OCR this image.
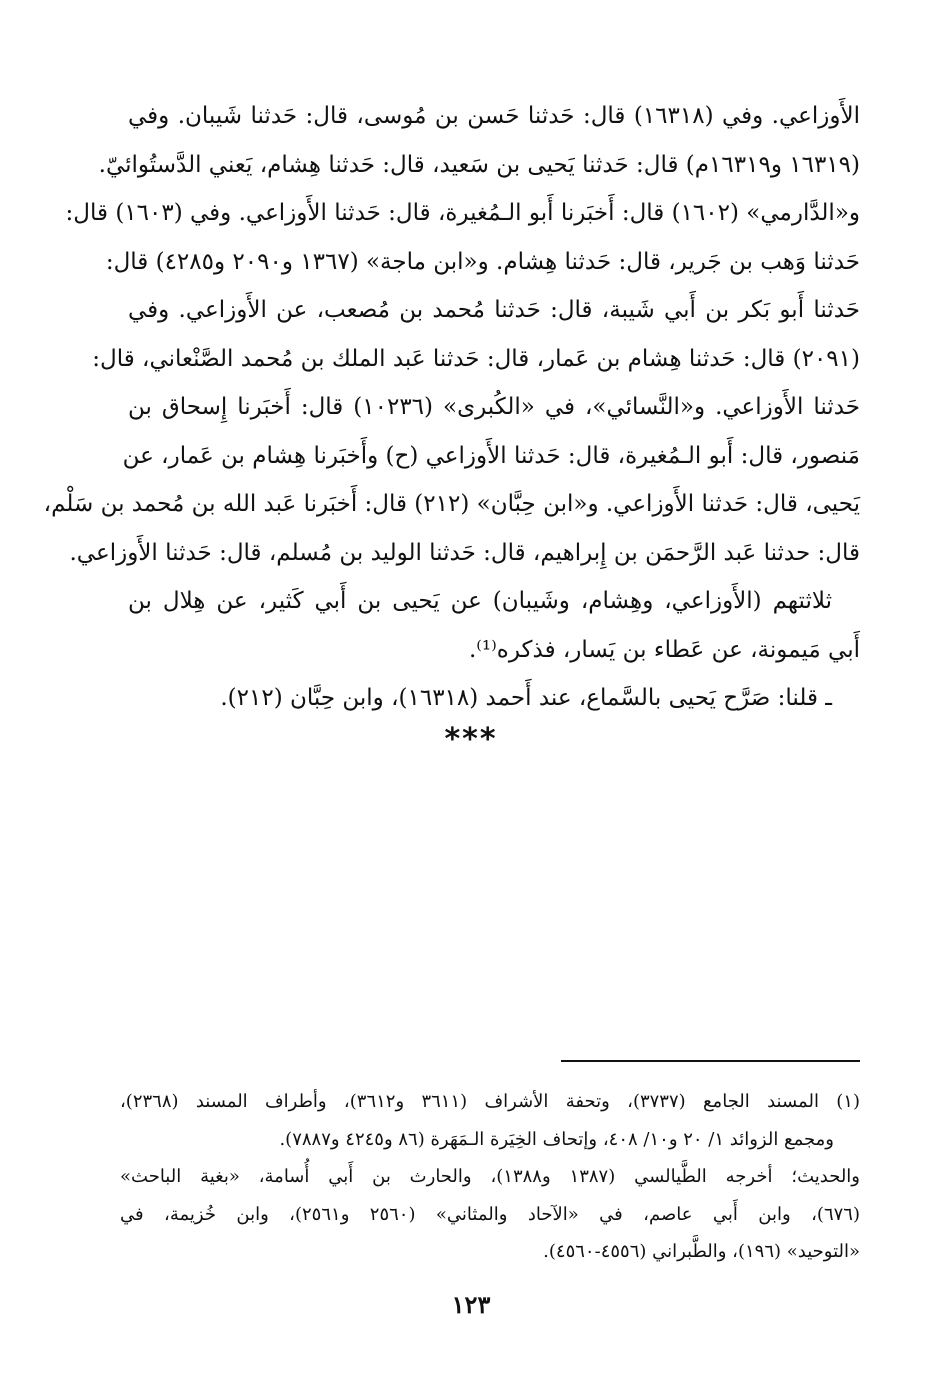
الأَوزاعي. وفي (١٦٣١٨) قال: حَدثنا حَسن بن مُوسى، قال: حَدثنا شَيبان. وفي
(١٦٣١٩ و١٦٣١٩م) قال: حَدثنا يَحيى بن سَعيد، قال: حَدثنا هِشام، يَعني الدَّستُوائيّ.
و«الدَّارمي» (١٦٠٢) قال: أَخبَرنا أَبو الـمُغيرة، قال: حَدثنا الأَوزاعي. وفي (١٦٠٣) قال:
حَدثنا وَهب بن جَرير، قال: حَدثنا هِشام. و«ابن ماجة» (١٣٦٧ و٢٠٩٠ و٤٢٨٥) قال:
حَدثنا أَبو بَكر بن أَبي شَيبة، قال: حَدثنا مُحمد بن مُصعب، عن الأَوزاعي. وفي
(٢٠٩١) قال: حَدثنا هِشام بن عَمار، قال: حَدثنا عَبد الملك بن مُحمد الصَّنْعاني، قال:
حَدثنا الأَوزاعي. و«النَّسائي»، في «الكُبرى» (١٠٢٣٦) قال: أَخبَرنا إِسحاق بن
مَنصور، قال: أَبو الـمُغيرة، قال: حَدثنا الأَوزاعي (ح) وأَخبَرنا هِشام بن عَمار، عن
يَحيى، قال: حَدثنا الأَوزاعي. و«ابن حِبَّان» (٢١٢) قال: أَخبَرنا عَبد الله بن مُحمد بن سَلْم،
قال: حدثنا عَبد الرَّحمَن بن إِبراهيم، قال: حَدثنا الوليد بن مُسلم، قال: حَدثنا الأَوزاعي.

ثلاثتهم (الأَوزاعي، وهِشام، وشَيبان) عن يَحيى بن أَبي كَثير، عن هِلال بن
أَبي مَيمونة، عن عَطاء بن يَسار، فذكره⁽¹⁾.

ـ قلنا: صَرَّح يَحيى بالسَّماع، عند أَحمد (١٦٣١٨)، وابن حِبَّان (٢١٢).

***
(١) المسند الجامع (٣٧٣٧)، وتحفة الأشراف (٣٦١١ و٣٦١٢)، وأطراف المسند (٢٣٦٨)،
ومجمع الزوائد ١/ ٢٠ و١٠/ ٤٠٨، وإتحاف الخِيَرة الـمَهَرة (٨٦ و٤٢٤٥ و٧٨٨٧).
والحديث؛ أخرجه الطَّيالسي (١٣٨٧ و١٣٨٨)، والحارث بن أَبي أُسامة، «بغية الباحث»
(٦٧٦)، وابن أَبي عاصم، في «الآحاد والمثاني» (٢٥٦٠ و٢٥٦١)، وابن خُزيمة، في
«التوحيد» (١٩٦)، والطَّبراني (٤٥٥٦-٤٥٦٠).
١٢٣
